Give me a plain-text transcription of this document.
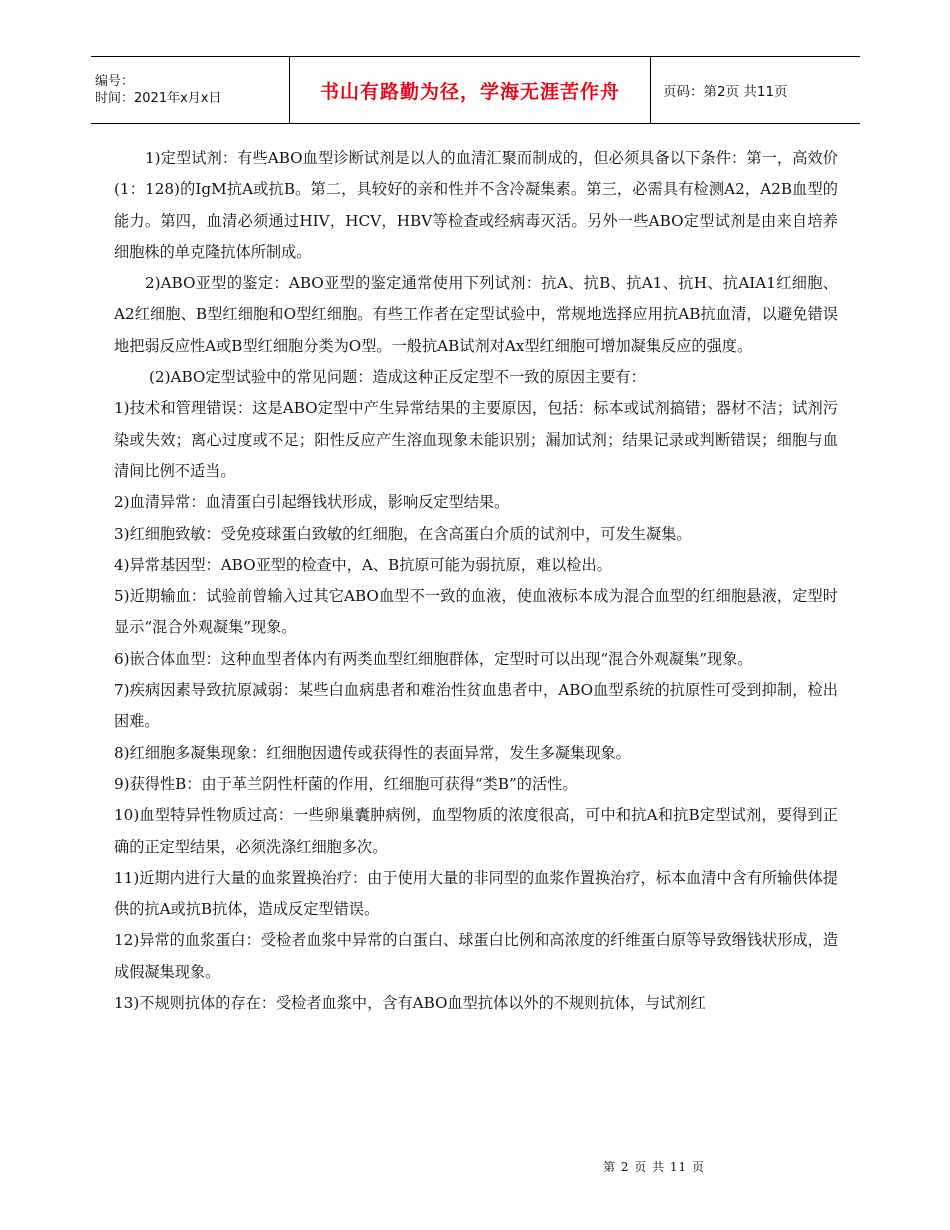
编号：
时间：2021年x月x日	书山有路勤为径，学海无涯苦作舟	页码：第2页 共11页

1)定型试剂：有些ABO血型诊断试剂是以人的血清汇聚而制成的，但必须具备以下条件：第一，高效价(1：128)的IgM抗A或抗B。第二，具较好的亲和性并不含冷凝集素。第三，必需具有检测A2，A2B血型的能力。第四，血清必须通过HIV，HCV，HBV等检查或经病毒灭活。另外一些ABO定型试剂是由来自培养细胞株的单克隆抗体所制成。

2)ABO亚型的鉴定：ABO亚型的鉴定通常使用下列试剂：抗A、抗B、抗A1、抗H、抗AIA1红细胞、A2红细胞、B型红细胞和O型红细胞。有些工作者在定型试验中，常规地选择应用抗AB抗血清，以避免错误地把弱反应性A或B型红细胞分类为O型。一般抗AB试剂对Ax型红细胞可增加凝集反应的强度。

(2)ABO定型试验中的常见问题：造成这种正反定型不一致的原因主要有：

1)技术和管理错误：这是ABO定型中产生异常结果的主要原因，包括：标本或试剂搞错；器材不洁；试剂污染或失效；离心过度或不足；阳性反应产生溶血现象未能识别；漏加试剂；结果记录或判断错误；细胞与血清间比例不适当。

2)血清异常：血清蛋白引起缗钱状形成，影响反定型结果。

3)红细胞致敏：受免疫球蛋白致敏的红细胞，在含高蛋白介质的试剂中，可发生凝集。

4)异常基因型：ABO亚型的检查中，A、B抗原可能为弱抗原，难以检出。

5)近期输血：试验前曾输入过其它ABO血型不一致的血液，使血液标本成为混合血型的红细胞悬液，定型时显示“混合外观凝集”现象。

6)嵌合体血型：这种血型者体内有两类血型红细胞群体，定型时可以出现“混合外观凝集”现象。

7)疾病因素导致抗原减弱：某些白血病患者和难治性贫血患者中，ABO血型系统的抗原性可受到抑制，检出困难。

8)红细胞多凝集现象：红细胞因遗传或获得性的表面异常，发生多凝集现象。

9)获得性B：由于革兰阴性杆菌的作用，红细胞可获得“类B”的活性。

10)血型特异性物质过高：一些卵巢囊肿病例，血型物质的浓度很高，可中和抗A和抗B定型试剂，要得到正确的正定型结果，必须洗涤红细胞多次。

11)近期内进行大量的血浆置换治疗：由于使用大量的非同型的血浆作置换治疗，标本血清中含有所输供体提供的抗A或抗B抗体，造成反定型错误。

12)异常的血浆蛋白：受检者血浆中异常的白蛋白、球蛋白比例和高浓度的纤维蛋白原等导致缗钱状形成，造成假凝集现象。

13)不规则抗体的存在：受检者血浆中，含有ABO血型抗体以外的不规则抗体，与试剂红

第 2 页 共 11 页
